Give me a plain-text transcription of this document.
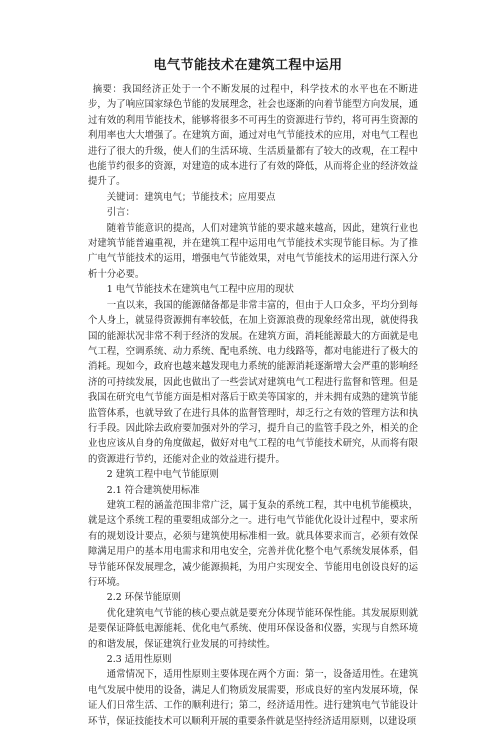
电气节能技术在建筑工程中运用

摘要：我国经济正处于一个不断发展的过程中，科学技术的水平也在不断进步，为了响应国家绿色节能的发展理念，社会也逐渐的向着节能型方向发展，通过有效的利用节能技术，能够将很多不可再生的资源进行节约，将可再生资源的利用率也大大增强了。在建筑方面，通过对电气节能技术的应用，对电气工程也进行了很大的升级，使人们的生活环境、生活质量都有了较大的改观，在工程中也能节约很多的资源，对建造的成本进行了有效的降低，从而将企业的经济效益提升了。

关键词：建筑电气；节能技术；应用要点

引言：

随着节能意识的提高，人们对建筑节能的要求越来越高，因此，建筑行业也对建筑节能普遍重视，并在建筑工程中运用电气节能技术实现节能目标。为了推广电气节能技术的运用，增强电气节能效果，对电气节能技术的运用进行深入分析十分必要。

1 电气节能技术在建筑电气工程中应用的现状

一直以来，我国的能源储备都是非常丰富的，但由于人口众多，平均分到每个人身上，就显得资源拥有率较低，在加上资源浪费的现象经常出现，就使得我国的能源状况非常不利于经济的发展。在建筑方面，消耗能源最大的方面就是电气工程，空调系统、动力系统、配电系统、电力线路等，都对电能进行了极大的消耗。现如今，政府也越来越发现电力系统的能源消耗逐渐增大会严重的影响经济的可持续发展，因此也做出了一些尝试对建筑电气工程进行监督和管理。但是我国在研究电气节能方面是相对落后于欧美等国家的，并未拥有成熟的建筑节能监管体系，也就导致了在进行具体的监督管理时，却乏行之有效的管理方法和执行手段。因此除去政府要加强对外的学习，提升自己的监管手段之外，相关的企业也应该从自身的角度做起，做好对电气工程的电气节能技术研究，从而将有限的资源进行节约，还能对企业的效益进行提升。

2 建筑工程中电气节能原则

2.1 符合建筑使用标准

建筑工程的涵盖范围非常广泛，属于复杂的系统工程，其中电机节能模块，就是这个系统工程的重要组成部分之一。进行电气节能优化设计过程中，要求所有的规划设计要点，必须与建筑使用标准相一致。就具体要求而言，必须有效保障满足用户的基本用电需求和用电安全，完善并优化整个电气系统发展体系，倡导节能环保发展理念，减少能源损耗，为用户实现安全、节能用电创设良好的运行环境。

2.2 环保节能原则

优化建筑电气节能的核心要点就是要充分体现节能环保性能。其发展原则就是要保证降低电源能耗、优化电气系统、使用环保设备和仪器，实现与自然环境的和谐发展，保证建筑行业发展的可持续性。

2.3 适用性原则

通常情况下，适用性原则主要体现在两个方面：第一，设备适用性。在建筑电气发展中使用的设备，满足人们物质发展需要，形成良好的室内发展环境，保证人们日常生活、工作的顺利进行；第二，经济适用性。进行建筑电气节能设计环节，保证技能技术可以顺利开展的重要条件就是坚持经济适用原则，以建设项
